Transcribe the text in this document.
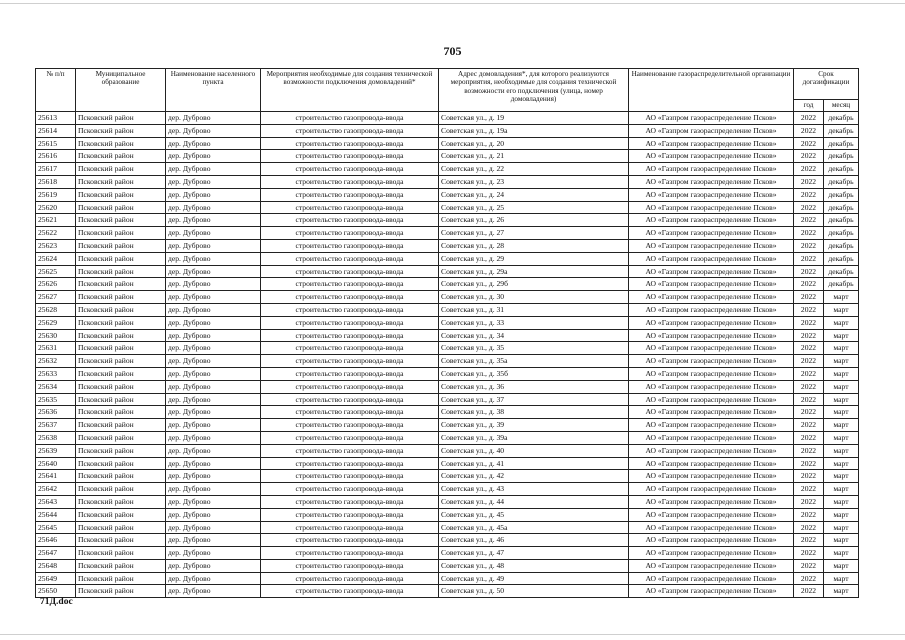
705
№ п/п	Муниципальное образование	Наименование населенного пункта	Мероприятия необходимые для создания технической возможности подключения домовладений*	Адрес домовладения*, для которого реализуются мероприятия, необходимые для создания технической возможности его подключения (улица, номер домовладения)	Наименование газораспределительной организации	Срок догазификации	
						год	месяц
25613	Псковский район	дер. Дуброво	строительство газопровода-ввода	Советская ул., д. 19	АО «Газпром газораспределение Псков»	2022	декабрь
25614	Псковский район	дер. Дуброво	строительство газопровода-ввода	Советская ул., д. 19а	АО «Газпром газораспределение Псков»	2022	декабрь
25615	Псковский район	дер. Дуброво	строительство газопровода-ввода	Советская ул., д. 20	АО «Газпром газораспределение Псков»	2022	декабрь
25616	Псковский район	дер. Дуброво	строительство газопровода-ввода	Советская ул., д. 21	АО «Газпром газораспределение Псков»	2022	декабрь
25617	Псковский район	дер. Дуброво	строительство газопровода-ввода	Советская ул., д. 22	АО «Газпром газораспределение Псков»	2022	декабрь
25618	Псковский район	дер. Дуброво	строительство газопровода-ввода	Советская ул., д. 23	АО «Газпром газораспределение Псков»	2022	декабрь
25619	Псковский район	дер. Дуброво	строительство газопровода-ввода	Советская ул., д. 24	АО «Газпром газораспределение Псков»	2022	декабрь
25620	Псковский район	дер. Дуброво	строительство газопровода-ввода	Советская ул., д. 25	АО «Газпром газораспределение Псков»	2022	декабрь
25621	Псковский район	дер. Дуброво	строительство газопровода-ввода	Советская ул., д. 26	АО «Газпром газораспределение Псков»	2022	декабрь
25622	Псковский район	дер. Дуброво	строительство газопровода-ввода	Советская ул., д. 27	АО «Газпром газораспределение Псков»	2022	декабрь
25623	Псковский район	дер. Дуброво	строительство газопровода-ввода	Советская ул., д. 28	АО «Газпром газораспределение Псков»	2022	декабрь
25624	Псковский район	дер. Дуброво	строительство газопровода-ввода	Советская ул., д. 29	АО «Газпром газораспределение Псков»	2022	декабрь
25625	Псковский район	дер. Дуброво	строительство газопровода-ввода	Советская ул., д. 29а	АО «Газпром газораспределение Псков»	2022	декабрь
25626	Псковский район	дер. Дуброво	строительство газопровода-ввода	Советская ул., д. 29б	АО «Газпром газораспределение Псков»	2022	декабрь
25627	Псковский район	дер. Дуброво	строительство газопровода-ввода	Советская ул., д. 30	АО «Газпром газораспределение Псков»	2022	март
25628	Псковский район	дер. Дуброво	строительство газопровода-ввода	Советская ул., д. 31	АО «Газпром газораспределение Псков»	2022	март
25629	Псковский район	дер. Дуброво	строительство газопровода-ввода	Советская ул., д. 33	АО «Газпром газораспределение Псков»	2022	март
25630	Псковский район	дер. Дуброво	строительство газопровода-ввода	Советская ул., д. 34	АО «Газпром газораспределение Псков»	2022	март
25631	Псковский район	дер. Дуброво	строительство газопровода-ввода	Советская ул., д. 35	АО «Газпром газораспределение Псков»	2022	март
25632	Псковский район	дер. Дуброво	строительство газопровода-ввода	Советская ул., д. 35а	АО «Газпром газораспределение Псков»	2022	март
25633	Псковский район	дер. Дуброво	строительство газопровода-ввода	Советская ул., д. 35б	АО «Газпром газораспределение Псков»	2022	март
25634	Псковский район	дер. Дуброво	строительство газопровода-ввода	Советская ул., д. 36	АО «Газпром газораспределение Псков»	2022	март
25635	Псковский район	дер. Дуброво	строительство газопровода-ввода	Советская ул., д. 37	АО «Газпром газораспределение Псков»	2022	март
25636	Псковский район	дер. Дуброво	строительство газопровода-ввода	Советская ул., д. 38	АО «Газпром газораспределение Псков»	2022	март
25637	Псковский район	дер. Дуброво	строительство газопровода-ввода	Советская ул., д. 39	АО «Газпром газораспределение Псков»	2022	март
25638	Псковский район	дер. Дуброво	строительство газопровода-ввода	Советская ул., д. 39а	АО «Газпром газораспределение Псков»	2022	март
25639	Псковский район	дер. Дуброво	строительство газопровода-ввода	Советская ул., д. 40	АО «Газпром газораспределение Псков»	2022	март
25640	Псковский район	дер. Дуброво	строительство газопровода-ввода	Советская ул., д. 41	АО «Газпром газораспределение Псков»	2022	март
25641	Псковский район	дер. Дуброво	строительство газопровода-ввода	Советская ул., д. 42	АО «Газпром газораспределение Псков»	2022	март
25642	Псковский район	дер. Дуброво	строительство газопровода-ввода	Советская ул., д. 43	АО «Газпром газораспределение Псков»	2022	март
25643	Псковский район	дер. Дуброво	строительство газопровода-ввода	Советская ул., д. 44	АО «Газпром газораспределение Псков»	2022	март
25644	Псковский район	дер. Дуброво	строительство газопровода-ввода	Советская ул., д. 45	АО «Газпром газораспределение Псков»	2022	март
25645	Псковский район	дер. Дуброво	строительство газопровода-ввода	Советская ул., д. 45а	АО «Газпром газораспределение Псков»	2022	март
25646	Псковский район	дер. Дуброво	строительство газопровода-ввода	Советская ул., д. 46	АО «Газпром газораспределение Псков»	2022	март
25647	Псковский район	дер. Дуброво	строительство газопровода-ввода	Советская ул., д. 47	АО «Газпром газораспределение Псков»	2022	март
25648	Псковский район	дер. Дуброво	строительство газопровода-ввода	Советская ул., д. 48	АО «Газпром газораспределение Псков»	2022	март
25649	Псковский район	дер. Дуброво	строительство газопровода-ввода	Советская ул., д. 49	АО «Газпром газораспределение Псков»	2022	март
25650	Псковский район	дер. Дуброво	строительство газопровода-ввода	Советская ул., д. 50	АО «Газпром газораспределение Псков»	2022	март
71Д.doc
